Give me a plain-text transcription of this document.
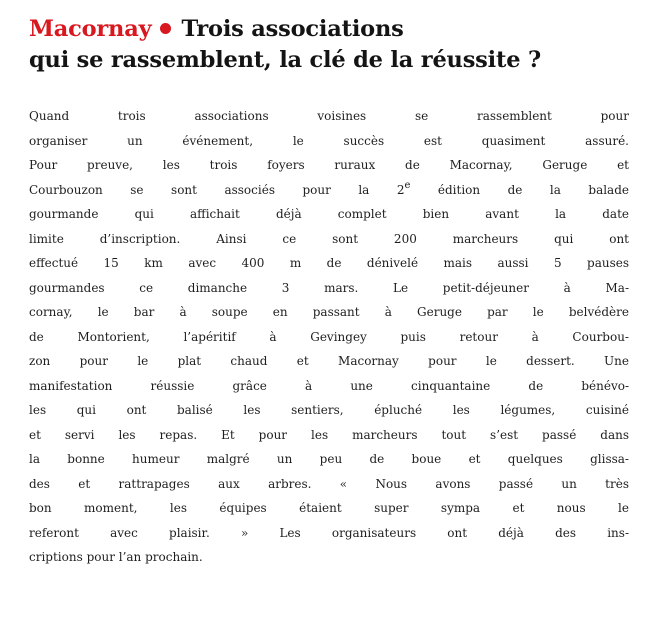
Macornay Trois associations
qui se rassemblent, la clé de la réussite ?
Quand trois associations voisines se rassemblent pour
organiser un événement, le succès est quasiment assuré.
Pour preuve, les trois foyers ruraux de Macornay, Geruge et
Courbouzon se sont associés pour la 2e édition de la balade
gourmande qui affichait déjà complet bien avant la date
limite d’inscription. Ainsi ce sont 200 marcheurs qui ont
effectué 15 km avec 400 m de dénivelé mais aussi 5 pauses
gourmandes ce dimanche 3 mars. Le petit-déjeuner à Ma-
cornay, le bar à soupe en passant à Geruge par le belvédère
de Montorient, l’apéritif à Gevingey puis retour à Courbou-
zon pour le plat chaud et Macornay pour le dessert. Une
manifestation réussie grâce à une cinquantaine de bénévo-
les qui ont balisé les sentiers, épluché les légumes, cuisiné
et servi les repas. Et pour les marcheurs tout s’est passé dans
la bonne humeur malgré un peu de boue et quelques glissa-
des et rattrapages aux arbres. « Nous avons passé un très
bon moment, les équipes étaient super sympa et nous le
referont avec plaisir. » Les organisateurs ont déjà des ins-
criptions pour l’an prochain.
